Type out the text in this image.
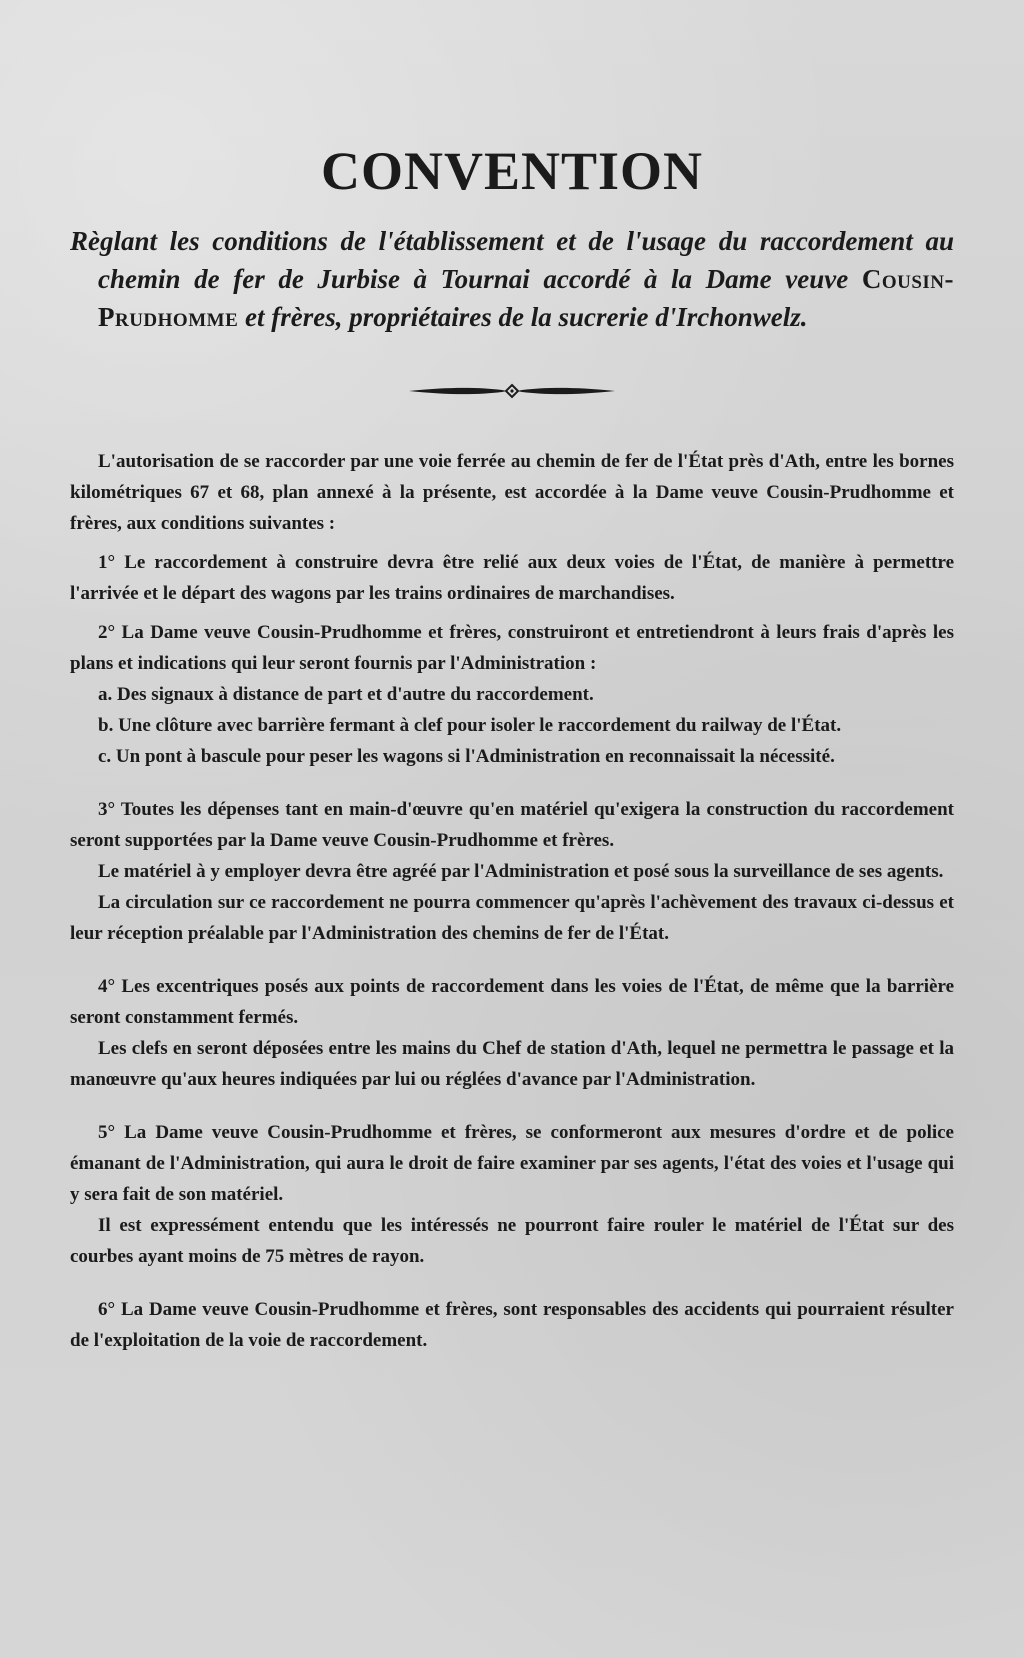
CONVENTION
Règlant les conditions de l'établissement et de l'usage du raccordement au chemin de fer de Jurbise à Tournai accordé à la Dame veuve Cousin-Prudhomme et frères, propriétaires de la sucrerie d'Irchonwelz.

L'autorisation de se raccorder par une voie ferrée au chemin de fer de l'État près d'Ath, entre les bornes kilométriques 67 et 68, plan annexé à la présente, est accordée à la Dame veuve Cousin-Prudhomme et frères, aux conditions suivantes :

1° Le raccordement à construire devra être relié aux deux voies de l'État, de manière à permettre l'arrivée et le départ des wagons par les trains ordinaires de marchandises.

2° La Dame veuve Cousin-Prudhomme et frères, construiront et entretiendront à leurs frais d'après les plans et indications qui leur seront fournis par l'Administration :

a. Des signaux à distance de part et d'autre du raccordement.

b. Une clôture avec barrière fermant à clef pour isoler le raccordement du railway de l'État.

c. Un pont à bascule pour peser les wagons si l'Administration en reconnaissait la nécessité.

3° Toutes les dépenses tant en main-d'œuvre qu'en matériel qu'exigera la construction du raccordement seront supportées par la Dame veuve Cousin-Prudhomme et frères.

Le matériel à y employer devra être agréé par l'Administration et posé sous la surveillance de ses agents.

La circulation sur ce raccordement ne pourra commencer qu'après l'achèvement des travaux ci-dessus et leur réception préalable par l'Administration des chemins de fer de l'État.

4° Les excentriques posés aux points de raccordement dans les voies de l'État, de même que la barrière seront constamment fermés.

Les clefs en seront déposées entre les mains du Chef de station d'Ath, lequel ne permettra le passage et la manœuvre qu'aux heures indiquées par lui ou réglées d'avance par l'Administration.

5° La Dame veuve Cousin-Prudhomme et frères, se conformeront aux mesures d'ordre et de police émanant de l'Administration, qui aura le droit de faire examiner par ses agents, l'état des voies et l'usage qui y sera fait de son matériel.

Il est expressément entendu que les intéressés ne pourront faire rouler le matériel de l'État sur des courbes ayant moins de 75 mètres de rayon.

6° La Dame veuve Cousin-Prudhomme et frères, sont responsables des accidents qui pourraient résulter de l'exploitation de la voie de raccordement.
